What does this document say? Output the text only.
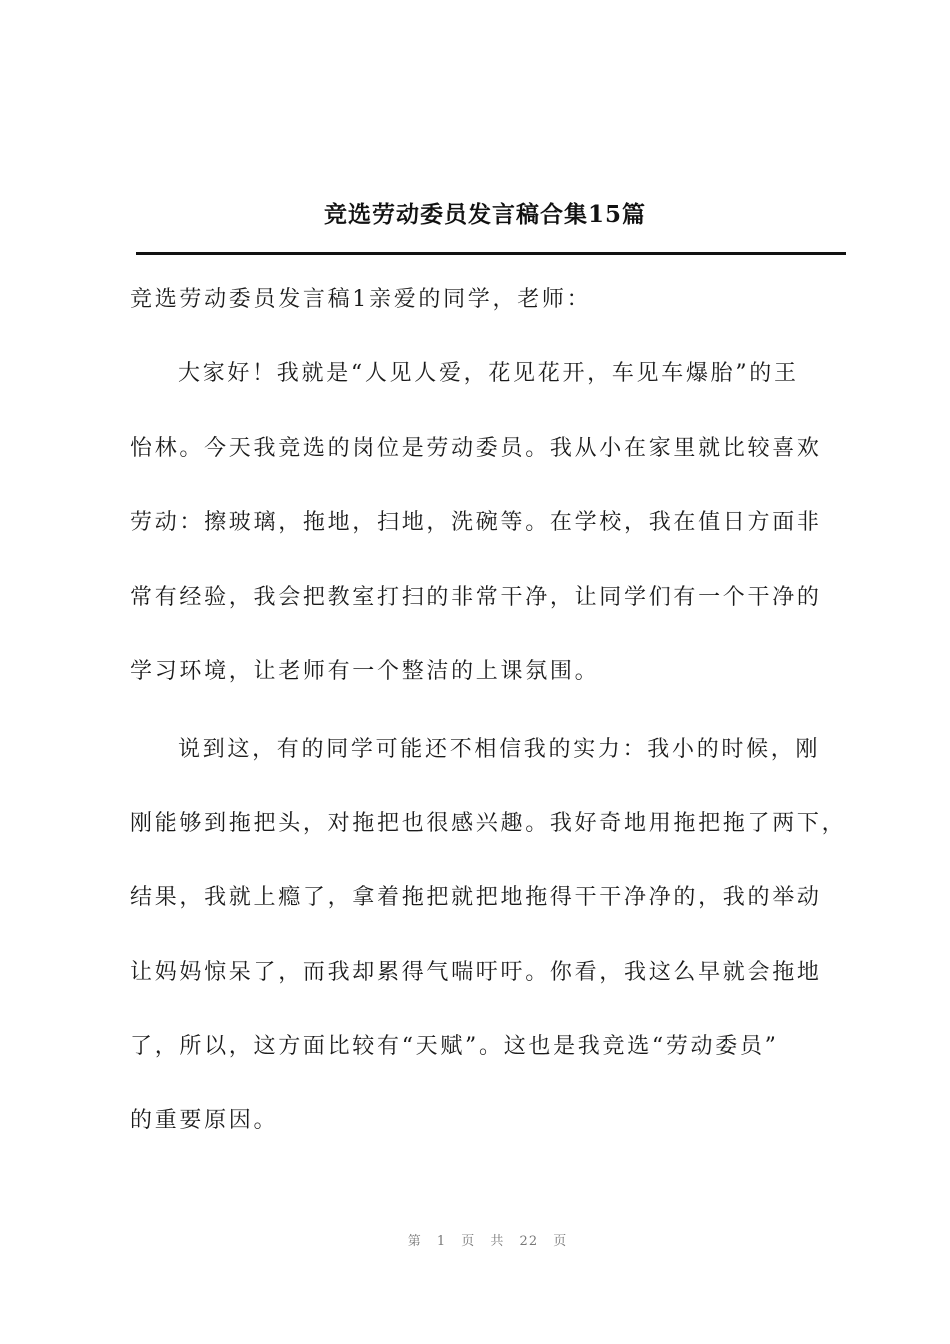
竞选劳动委员发言稿合集15篇
竞选劳动委员发言稿1亲爱的同学，老师：
大家好！我就是“人见人爱，花见花开，车见车爆胎”的王
怡林。今天我竞选的岗位是劳动委员。我从小在家里就比较喜欢
劳动：擦玻璃，拖地，扫地，洗碗等。在学校，我在值日方面非
常有经验，我会把教室打扫的非常干净，让同学们有一个干净的
学习环境，让老师有一个整洁的上课氛围。
说到这，有的同学可能还不相信我的实力：我小的时候，刚
刚能够到拖把头，对拖把也很感兴趣。我好奇地用拖把拖了两下，
结果，我就上瘾了，拿着拖把就把地拖得干干净净的，我的举动
让妈妈惊呆了，而我却累得气喘吁吁。你看，我这么早就会拖地
了，所以，这方面比较有“天赋”。这也是我竞选“劳动委员”
的重要原因。
第 1 页 共 22 页
